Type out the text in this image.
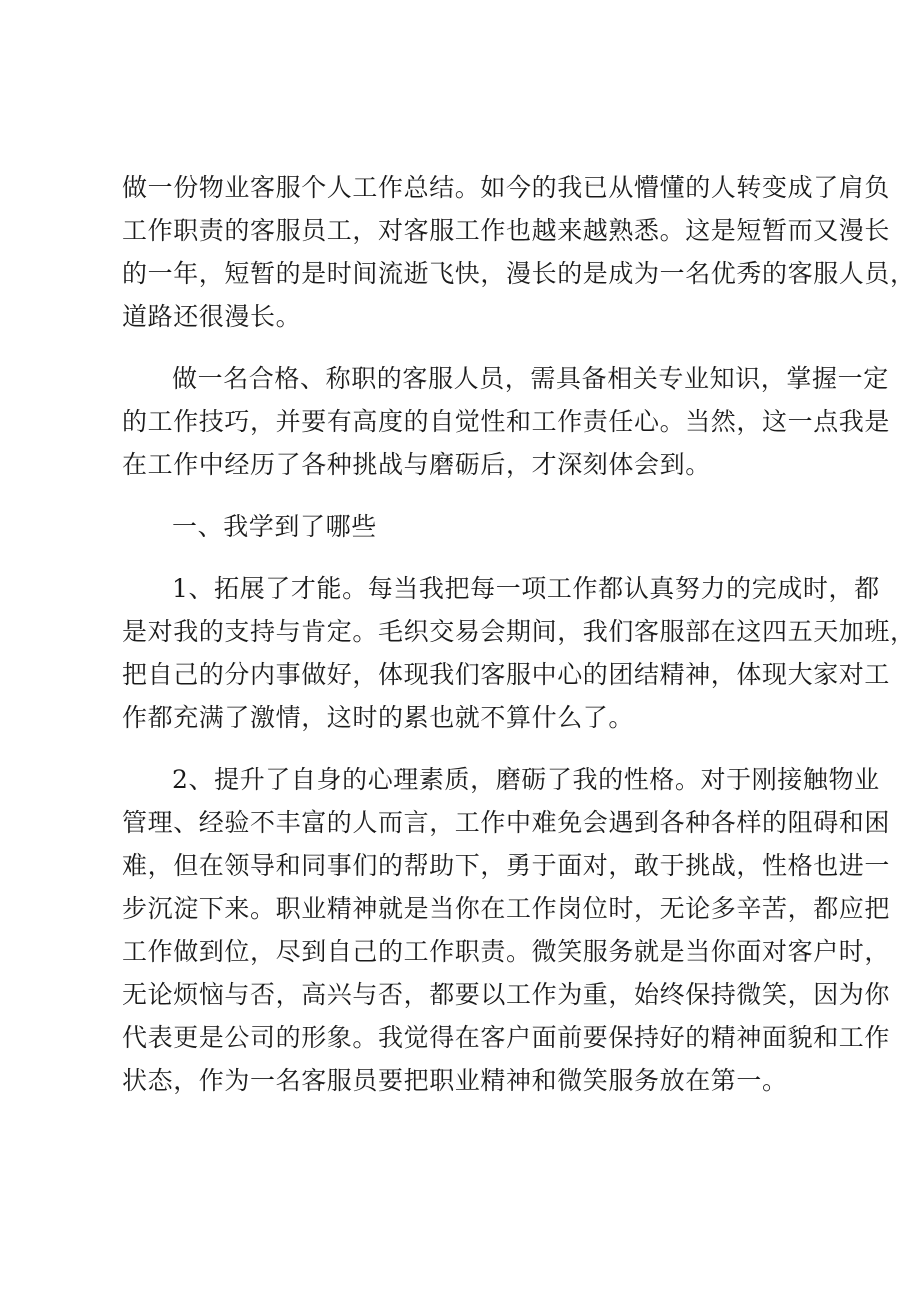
做一份物业客服个人工作总结。如今的我已从懵懂的人转变成了肩负
工作职责的客服员工，对客服工作也越来越熟悉。这是短暂而又漫长
的一年，短暂的是时间流逝飞快，漫长的是成为一名优秀的客服人员，
道路还很漫长。
做一名合格、称职的客服人员，需具备相关专业知识，掌握一定
的工作技巧，并要有高度的自觉性和工作责任心。当然，这一点我是
在工作中经历了各种挑战与磨砺后，才深刻体会到。
一、我学到了哪些
1、拓展了才能。每当我把每一项工作都认真努力的完成时，都
是对我的支持与肯定。毛织交易会期间，我们客服部在这四五天加班，
把自己的分内事做好，体现我们客服中心的团结精神，体现大家对工
作都充满了激情，这时的累也就不算什么了。
2、提升了自身的心理素质，磨砺了我的性格。对于刚接触物业
管理、经验不丰富的人而言，工作中难免会遇到各种各样的阻碍和困
难，但在领导和同事们的帮助下，勇于面对，敢于挑战，性格也进一
步沉淀下来。职业精神就是当你在工作岗位时，无论多辛苦，都应把
工作做到位，尽到自己的工作职责。微笑服务就是当你面对客户时，
无论烦恼与否，高兴与否，都要以工作为重，始终保持微笑，因为你
代表更是公司的形象。我觉得在客户面前要保持好的精神面貌和工作
状态，作为一名客服员要把职业精神和微笑服务放在第一。
